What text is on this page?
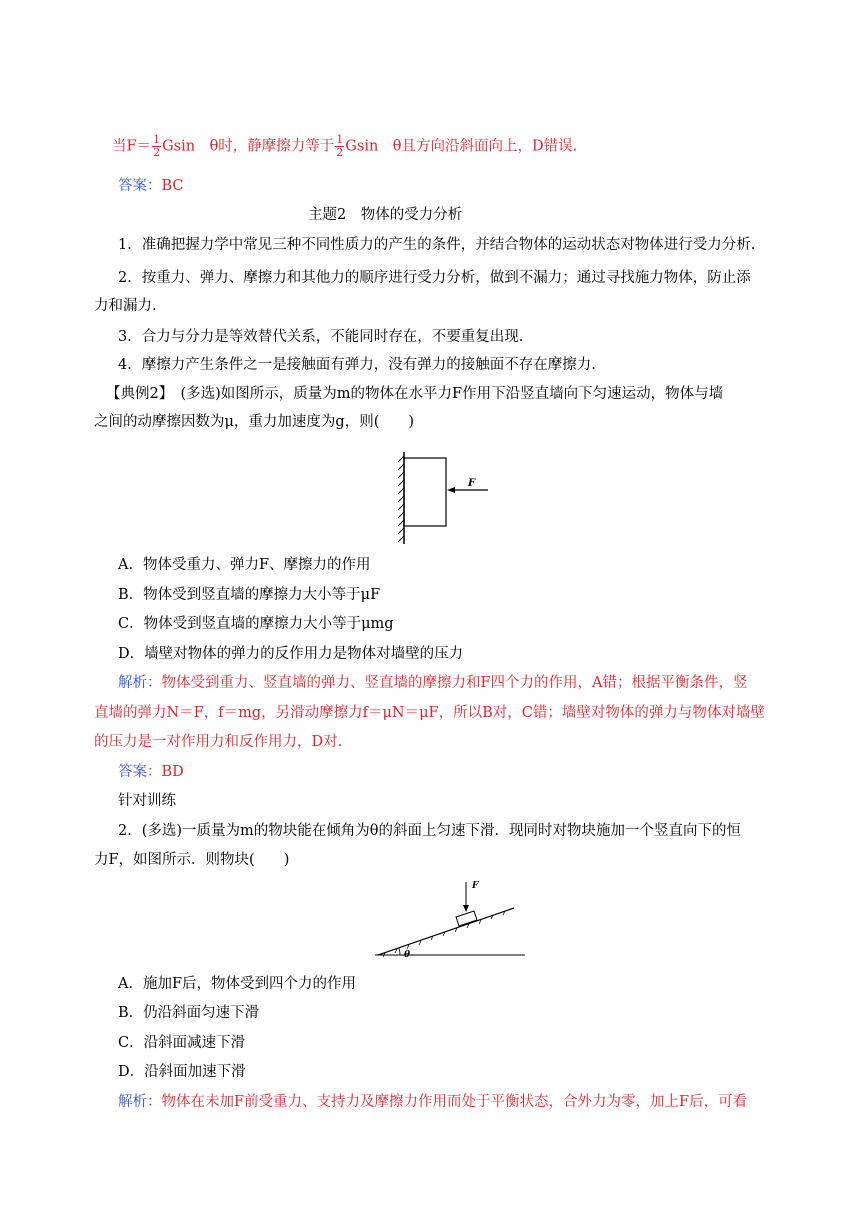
当$F= \frac{1}{2}$ Gsin　θ时，静摩擦力等于 $\frac{1}{2}$ Gsin　θ且方向沿斜面向上，D错误.
答案：BC
主题2　物体的受力分析
1．准确把握力学中常见三种不同性质力的产生的条件，并结合物体的运动状态对物体进行受力分析.
2．按重力、弹力、摩擦力和其他力的顺序进行受力分析，做到不漏力；通过寻找施力物体，防止添
力和漏力.
3．合力与分力是等效替代关系，不能同时存在，不要重复出现.
4．摩擦力产生条件之一是接触面有弹力，没有弹力的接触面不存在摩擦力.
【典例2】　(多选)如图所示，质量为m的物体在水平力F作用下沿竖直墙向下匀速运动，物体与墙
之间的动摩擦因数为μ，重力加速度为g，则(　　)
F
A．物体受重力、弹力F、摩擦力的作用
B．物体受到竖直墙的摩擦力大小等于μF
C．物体受到竖直墙的摩擦力大小等于μmg
D．墙壁对物体的弹力的反作用力是物体对墙壁的压力
解析：物体受到重力、竖直墙的弹力、竖直墙的摩擦力和F四个力的作用，A错；根据平衡条件，竖
直墙的弹力N＝F，f＝mg，另滑动摩擦力f＝μN＝μF，所以B对，C错；墙壁对物体的弹力与物体对墙壁
的压力是一对作用力和反作用力，D对.
答案：BD
针对训练
2．(多选)一质量为m的物块能在倾角为θ的斜面上匀速下滑．现同时对物块施加一个竖直向下的恒
力F，如图所示．则物块(　　)
θ
F
A．施加F后，物体受到四个力的作用
B．仍沿斜面匀速下滑
C．沿斜面减速下滑
D．沿斜面加速下滑
解析：物体在未加F前受重力、支持力及摩擦力作用而处于平衡状态，合外力为零，加上F后，可看
